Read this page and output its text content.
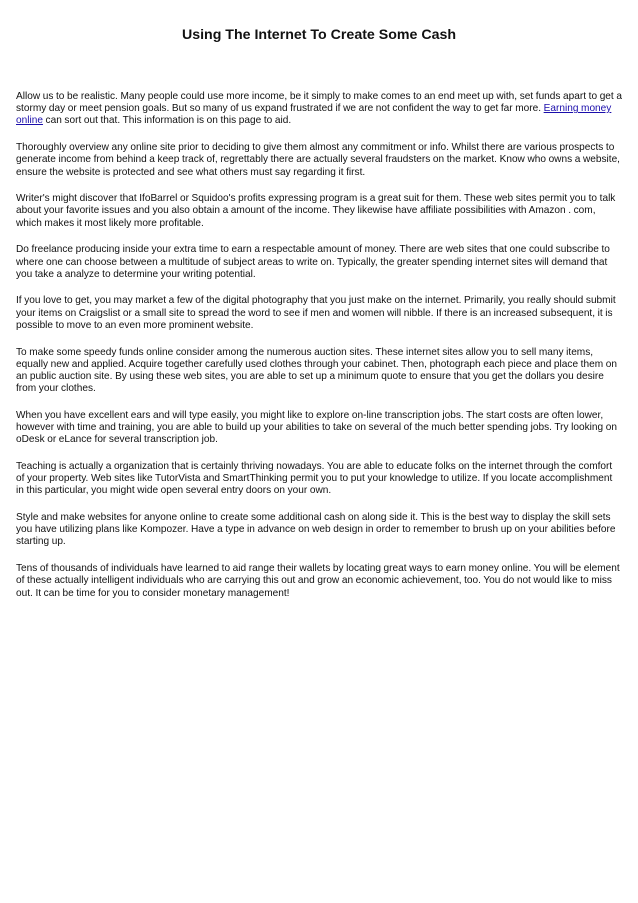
Using The Internet To Create Some Cash

Allow us to be realistic. Many people could use more income, be it simply to make comes to an end meet up with, set funds apart to get a stormy day or meet pension goals. But so many of us expand frustrated if we are not confident the way to get far more. Earning money online can sort out that. This information is on this page to aid.

Thoroughly overview any online site prior to deciding to give them almost any commitment or info. Whilst there are various prospects to generate income from behind a keep track of, regrettably there are actually several fraudsters on the market. Know who owns a website, ensure the website is protected and see what others must say regarding it first.

Writer's might discover that IfoBarrel or Squidoo's profits expressing program is a great suit for them. These web sites permit you to talk about your favorite issues and you also obtain a amount of the income. They likewise have affiliate possibilities with Amazon . com, which makes it most likely more profitable.

Do freelance producing inside your extra time to earn a respectable amount of money. There are web sites that one could subscribe to where one can choose between a multitude of subject areas to write on. Typically, the greater spending internet sites will demand that you take a analyze to determine your writing potential.

If you love to get, you may market a few of the digital photography that you just make on the internet. Primarily, you really should submit your items on Craigslist or a small site to spread the word to see if men and women will nibble. If there is an increased subsequent, it is possible to move to an even more prominent website.

To make some speedy funds online consider among the numerous auction sites. These internet sites allow you to sell many items, equally new and applied. Acquire together carefully used clothes through your cabinet. Then, photograph each piece and place them on an public auction site. By using these web sites, you are able to set up a minimum quote to ensure that you get the dollars you desire from your clothes.

When you have excellent ears and will type easily, you might like to explore on-line transcription jobs. The start costs are often lower, however with time and training, you are able to build up your abilities to take on several of the much better spending jobs. Try looking on oDesk or eLance for several transcription job.

Teaching is actually a organization that is certainly thriving nowadays. You are able to educate folks on the internet through the comfort of your property. Web sites like TutorVista and SmartThinking permit you to put your knowledge to utilize. If you locate accomplishment in this particular, you might wide open several entry doors on your own.

Style and make websites for anyone online to create some additional cash on along side it. This is the best way to display the skill sets you have utilizing plans like Kompozer. Have a type in advance on web design in order to remember to brush up on your abilities before starting up.

Tens of thousands of individuals have learned to aid range their wallets by locating great ways to earn money online. You will be element of these actually intelligent individuals who are carrying this out and grow an economic achievement, too. You do not would like to miss out. It can be time for you to consider monetary management!
